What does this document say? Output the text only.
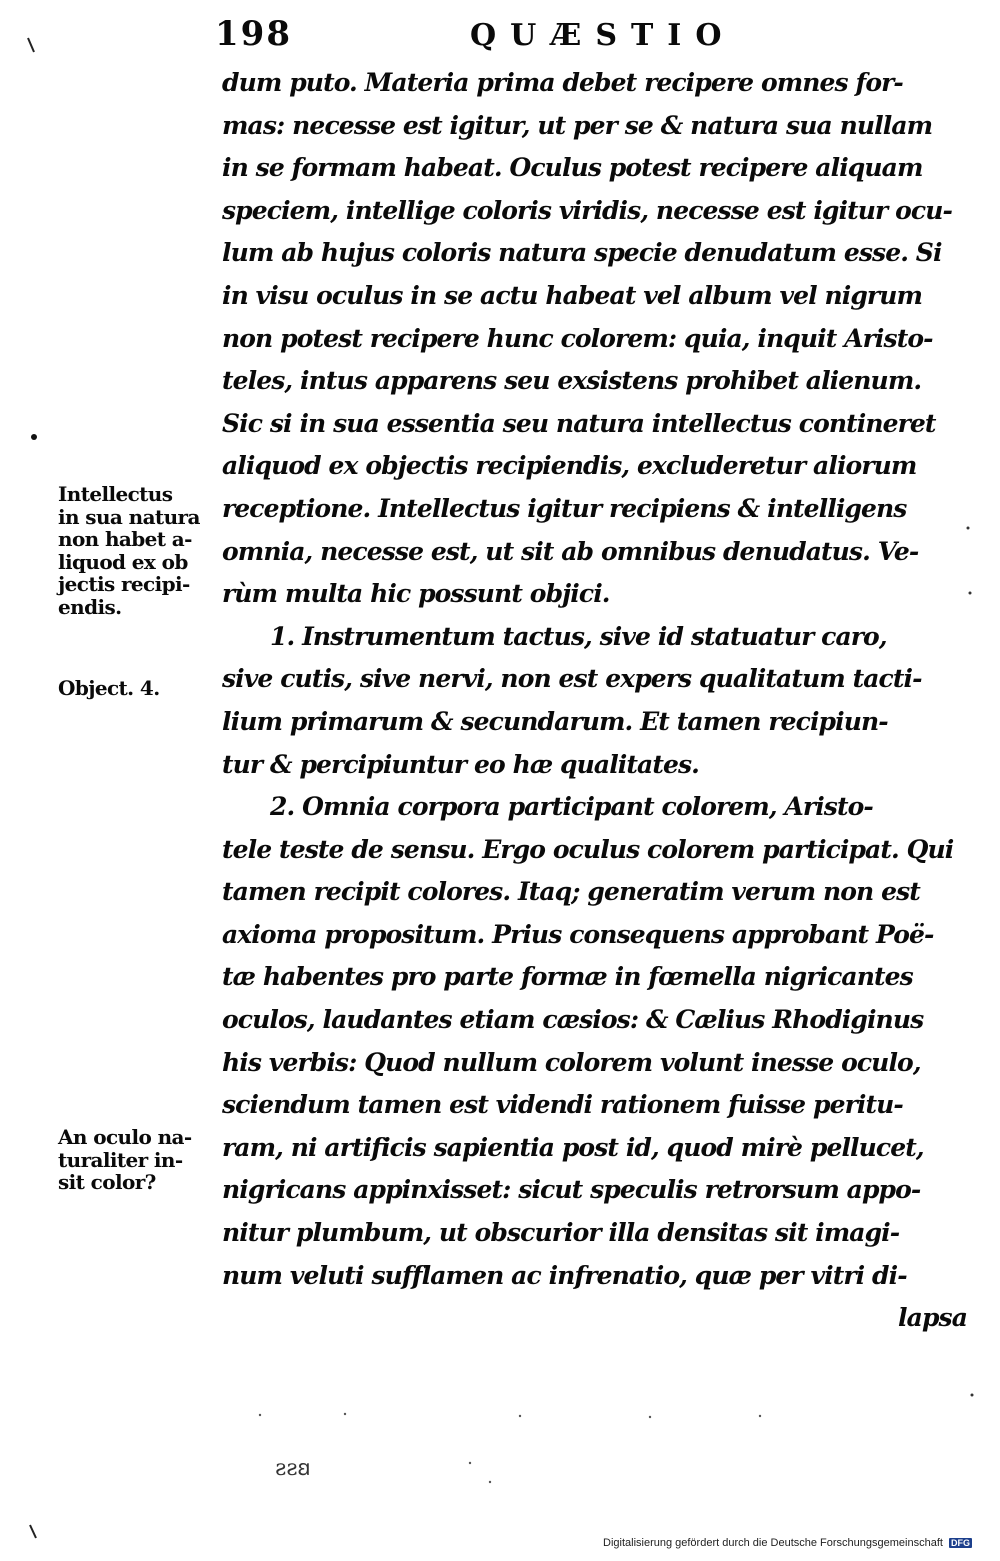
198	QUÆSTIO
dum puto. Materia prima debet recipere omnes for-
mas: necesse est igitur, ut per se & natura sua nullam
in se formam habeat. Oculus potest recipere aliquam
speciem, intellige coloris viridis, necesse est igitur ocu-
lum ab hujus coloris natura specie denudatum esse. Si
in visu oculus in se actu habeat vel album vel nigrum
non potest recipere hunc colorem: quia, inquit Aristo-
teles, intus apparens seu exsistens prohibet alienum.
Sic si in sua essentia seu natura intellectus contineret
aliquod ex objectis recipiendis, excluderetur aliorum
receptione. Intellectus igitur recipiens & intelligens
omnia, necesse est, ut sit ab omnibus denudatus. Ve-
rùm multa hic possunt objici.
1. Instrumentum tactus, sive id statuatur caro,
sive cutis, sive nervi, non est expers qualitatum tacti-
lium primarum & secundarum. Et tamen recipiun-
tur & percipiuntur eo hæ qualitates.
2. Omnia corpora participant colorem, Aristo-
tele teste de sensu. Ergo oculus colorem participat. Qui
tamen recipit colores. Itaq; generatim verum non est
axioma propositum. Prius consequens approbant Poë-
tæ habentes pro parte formæ in fœmella nigricantes
oculos, laudantes etiam cæsios: & Cælius Rhodiginus
his verbis: Quod nullum colorem volunt inesse oculo,
sciendum tamen est videndi rationem fuisse peritu-
ram, ni artificis sapientia post id, quod mirè pellucet,
nigricans appinxisset: sicut speculis retrorsum appo-
nitur plumbum, ut obscurior illa densitas sit imagi-
num veluti sufflamen ac infrenatio, quæ per vitri di-
lapsa
Intellectus
in sua natura
non habet a-
liquod ex ob
jectis recipi-
endis.
Object. 4.
An oculo na-
turaliter in-
sit color?
ƨƨꞛ
Digitalisierung gefördert durch die Deutsche Forschungsgemeinschaft DFG
